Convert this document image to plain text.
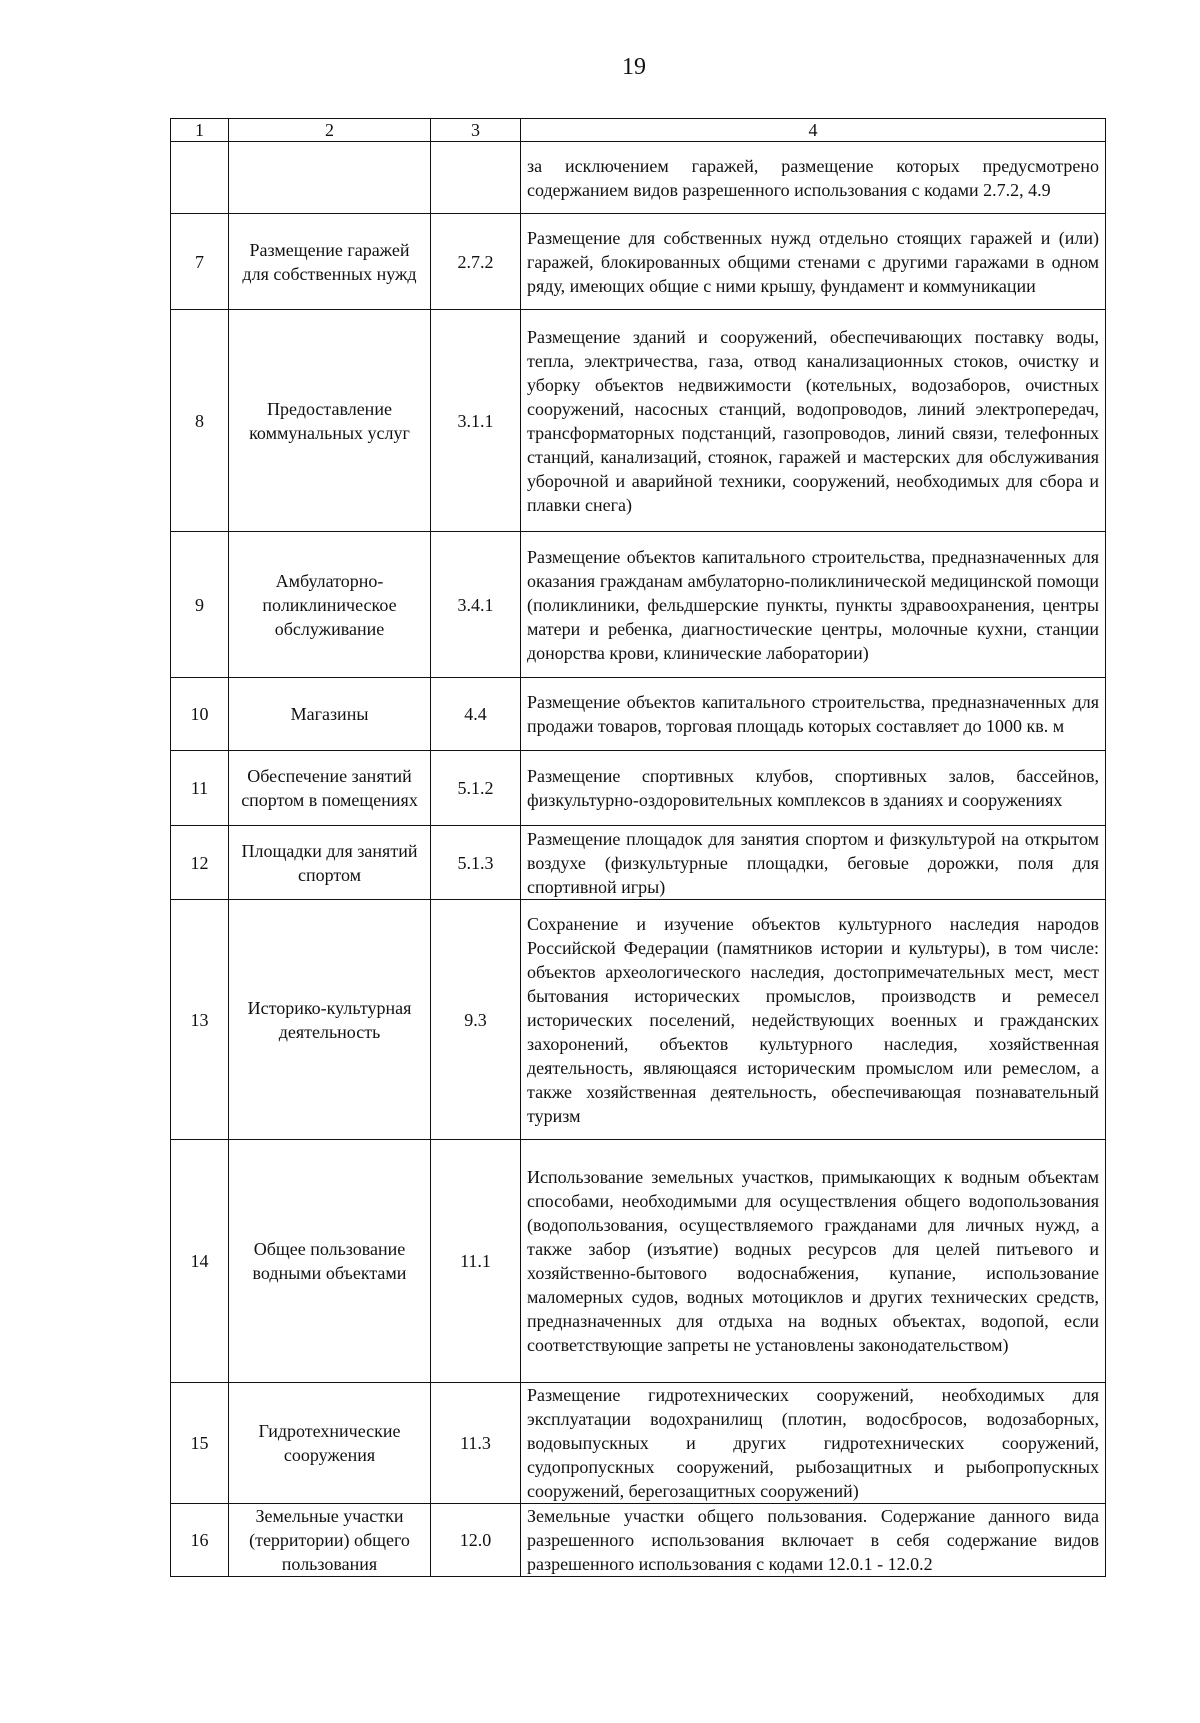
19
1	2	3	4
			за исключением гаражей, размещение которых предусмотрено содержанием видов разрешенного использования с кодами 2.7.2, 4.9
7	Размещение гаражей для собственных нужд	2.7.2	Размещение для собственных нужд отдельно стоящих гаражей и (или) гаражей, блокированных общими стенами с другими гаражами в одном ряду, имеющих общие с ними крышу, фундамент и коммуникации
8	Предоставление коммунальных услуг	3.1.1	Размещение зданий и сооружений, обеспечивающих поставку воды, тепла, электричества, газа, отвод канализационных стоков, очистку и уборку объектов недвижимости (котельных, водозаборов, очистных сооружений, насосных станций, водопроводов, линий электропередач, трансформаторных подстанций, газопроводов, линий связи, телефонных станций, канализаций, стоянок, гаражей и мастерских для обслуживания уборочной и аварийной техники, сооружений, необходимых для сбора и плавки снега)
9	Амбулаторно-поликлиническое обслуживание	3.4.1	Размещение объектов капитального строительства, предназначенных для оказания гражданам амбулаторно-поликлинической медицинской помощи (поликлиники, фельдшерские пункты, пункты здравоохранения, центры матери и ребенка, диагностические центры, молочные кухни, станции донорства крови, клинические лаборатории)
10	Магазины	4.4	Размещение объектов капитального строительства, предназначенных для продажи товаров, торговая площадь которых составляет до 1000 кв. м
11	Обеспечение занятий спортом в помещениях	5.1.2	Размещение спортивных клубов, спортивных залов, бассейнов, физкультурно-оздоровительных комплексов в зданиях и сооружениях
12	Площадки для занятий спортом	5.1.3	Размещение площадок для занятия спортом и физкультурой на открытом воздухе (физкультурные площадки, беговые дорожки, поля для спортивной игры)
13	Историко-культурная деятельность	9.3	Сохранение и изучение объектов культурного наследия народов Российской Федерации (памятников истории и культуры), в том числе: объектов археологического наследия, достопримечательных мест, мест бытования исторических промыслов, производств и ремесел исторических поселений, недействующих военных и гражданских захоронений, объектов культурного наследия, хозяйственная деятельность, являющаяся историческим промыслом или ремеслом, а также хозяйственная деятельность, обеспечивающая познавательный туризм
14	Общее пользование водными объектами	11.1	Использование земельных участков, примыкающих к водным объектам способами, необходимыми для осуществления общего водопользования (водопользования, осуществляемого гражданами для личных нужд, а также забор (изъятие) водных ресурсов для целей питьевого и хозяйственно-бытового водоснабжения, купание, использование маломерных судов, водных мотоциклов и других технических средств, предназначенных для отдыха на водных объектах, водопой, если соответствующие запреты не установлены законодательством)
15	Гидротехнические сооружения	11.3	Размещение гидротехнических сооружений, необходимых для эксплуатации водохранилищ (плотин, водосбросов, водозаборных, водовыпускных и других гидротехнических сооружений, судопропускных сооружений, рыбозащитных и рыбопропускных сооружений, берегозащитных сооружений)
16	Земельные участки (территории) общего пользования	12.0	Земельные участки общего пользования. Содержание данного вида разрешенного использования включает в себя содержание видов разрешенного использования с кодами 12.0.1 - 12.0.2
